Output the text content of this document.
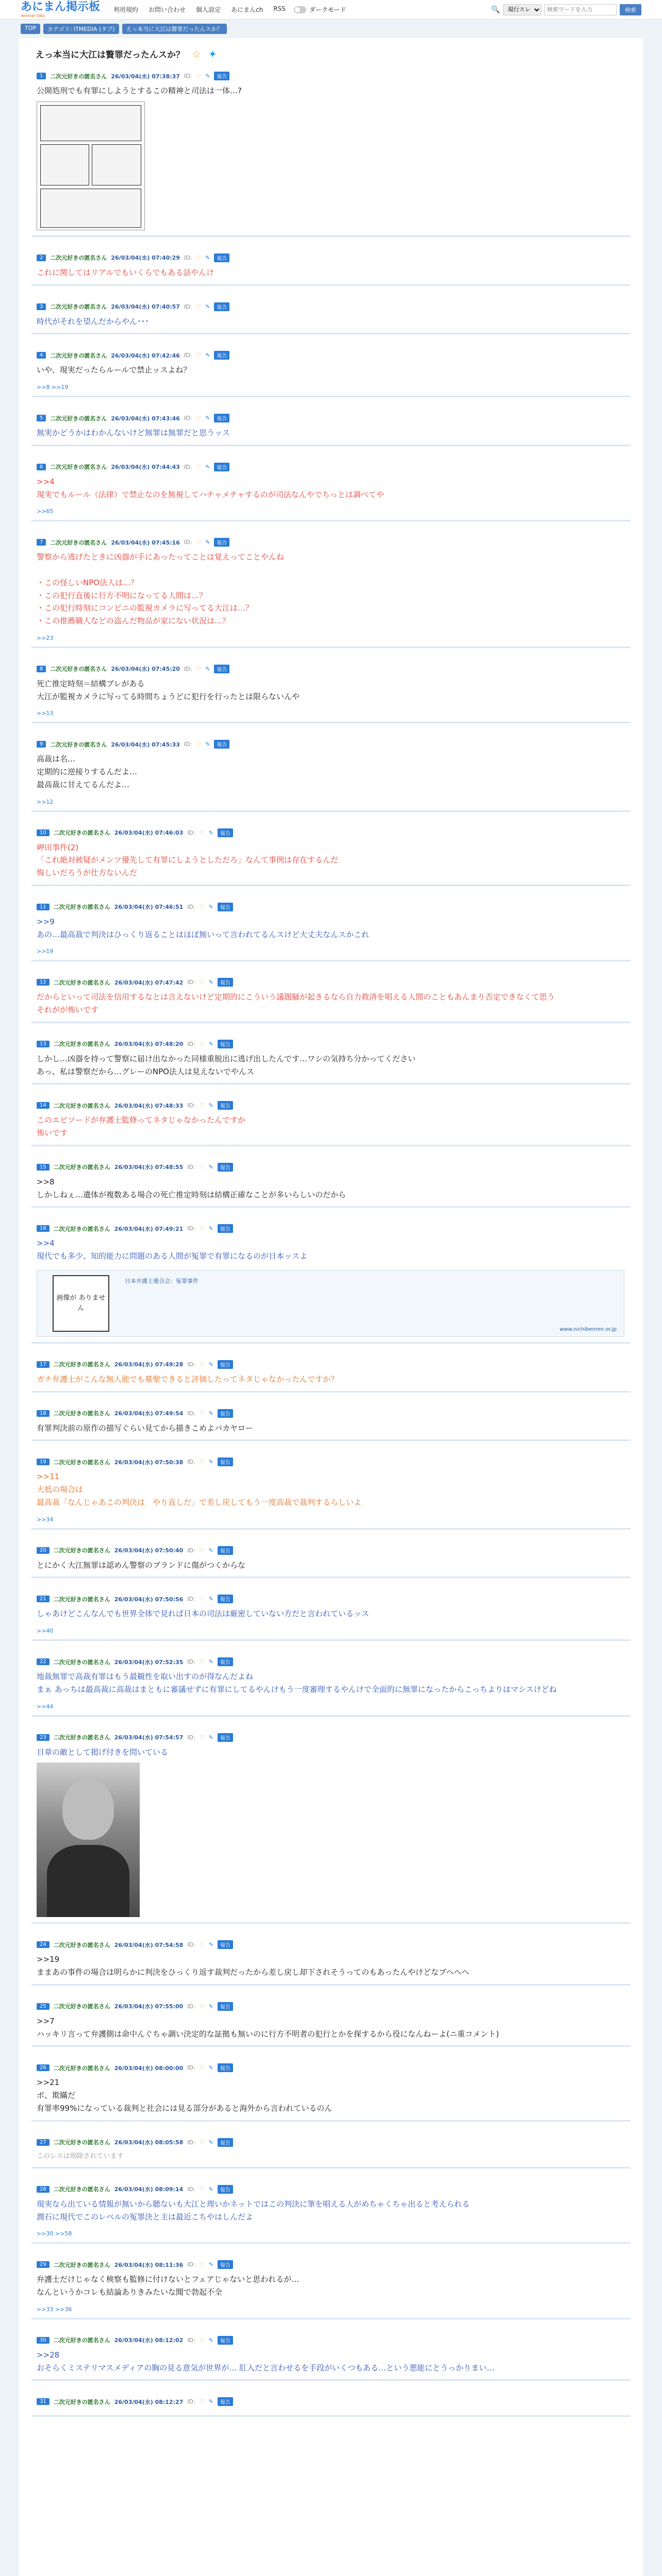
あにまん掲示板
animan bbs
利用規約 お問い合わせ 個人設定 あにまんch RSS	ダークモード	🔍
現行スレ
検索ワードを入力	検索
TOP	カテゴリ: ITMEDIA (タブ)	えっ本当に大江は贅罪だったんスか？
えっ本当に大江は贅罪だったんスか？ ☆ ✦
1	二次元好きの匿名さん 26/03/04(水) 07:38:37 ID: ♡ ✎	報告
公開処刑でも有罪にしようとするこの精神と司法は一体…?
2	二次元好きの匿名さん 26/03/04(水) 07:40:29 ID: ♡ ✎	報告
これに関してはリアルでもいくらでもある話やんけ
3	二次元好きの匿名さん 26/03/04(水) 07:40:57 ID: ♡ ✎	報告
時代がそれを望んだからやん･･･
4	二次元好きの匿名さん 26/03/04(水) 07:42:46 ID: ♡ ✎	報告
いや、現実だったらルールで禁止ッスよね？
>>8 >>19
5	二次元好きの匿名さん 26/03/04(水) 07:43:46 ID: ♡ ✎	報告
無実かどうかはわかんないけど無罪は無罪だと思うッス
6	二次元好きの匿名さん 26/03/04(水) 07:44:43 ID: ♡ ✎	報告
>>4
現実でもルール（法律）で禁止なのを無視してハチャメチャするのが司法なんやでちっとは調べてや
>>65
7	二次元好きの匿名さん 26/03/04(水) 07:45:16 ID: ♡ ✎	報告
警察から逃げたときに凶器が手にあったってことは覚えってことやんね

・この怪しいNPO法人は…？
・この犯行直後に行方不明になってる人間は…？
・この犯行時刻にコンビニの監視カメラに写ってる大江は…？
・この推薦職人などの盗んだ物品が家にない状況は…？
>>23
8	二次元好きの匿名さん 26/03/04(水) 07:45:20 ID: ♡ ✎	報告
死亡推定時刻＝結構ブレがある
大江が監視カメラに写ってる時間ちょうどに犯行を行ったとは限らないんや
>>13
9	二次元好きの匿名さん 26/03/04(水) 07:45:33 ID: ♡ ✎	報告
高裁は名…
定期的に逆接りするんだよ…
最高裁に甘えてるんだよ…
>>12
10	二次元好きの匿名さん 26/03/04(水) 07:46:03 ID: ♡ ✎	報告
岬田事件(2)
「これ絶対被疑がメンツ優先して有罪にしようとしただろ」なんて事例は存在するんだ
悔しいだろうが仕方ないんだ
11	二次元好きの匿名さん 26/03/04(水) 07:46:51 ID: ♡ ✎	報告
>>9
あの…最高裁で判決はひっくり返ることはほぼ無いって言われてるんスけど大丈夫なんスかこれ
>>19
12	二次元好きの匿名さん 26/03/04(水) 07:47:42 ID: ♡ ✎	報告
だからといって司法を信用するなとは言えないけど定期的にこういう議題騒が起きるなら自力救済を唱える人間のこともあんまり否定できなくて思う
それがが怖いです
13	二次元好きの匿名さん 26/03/04(水) 07:48:20 ID: ♡ ✎	報告
しかし…凶器を持って警察に届け出なかった同様重脱出に逃げ出したんです…ワシの気持ち分かってください
あっ、私は警察だから…グレーのNPO法人は見えないでやんス
14	二次元好きの匿名さん 26/03/04(水) 07:48:33 ID: ♡ ✎	報告
このエピソードが弁護士監修ってネタじゃなかったんですか
怖いです
15	二次元好きの匿名さん 26/03/04(水) 07:48:55 ID: ♡ ✎	報告
>>8
しかしねぇ…遺体が複数ある場合の死亡推定時刻は結構正確なことが多いらしいのだから
16	二次元好きの匿名さん 26/03/04(水) 07:49:21 ID: ♡ ✎	報告
>>4
現代でも多少、知的能力に問題のある人間が冤罪で有罪になるのが日本ッスよ
画像が ありません
日本弁護士連合会：冤罪事件
www.nichibenren.or.jp
17	二次元好きの匿名さん 26/03/04(水) 07:49:28 ID: ♡ ✎	報告
ガチ弁護士がこんな無人能でも墓聖できると評価したってネタじゃなかったんですか？
18	二次元好きの匿名さん 26/03/04(水) 07:49:54 ID: ♡ ✎	報告
有罪判決前の原作の描写ぐらい見てから描きこめよバカヤロー
19	二次元好きの匿名さん 26/03/04(水) 07:50:38 ID: ♡ ✎	報告
>>11
大抵の場合は
最高裁「なんじゃあこの判決は　やり直しだ」で差し戻してもう一度高裁で裁判するらしいよ
>>34
20	二次元好きの匿名さん 26/03/04(水) 07:50:40 ID: ♡ ✎	報告
とにかく大江無罪は認めん警察のブランドに傷がつくからな
21	二次元好きの匿名さん 26/03/04(水) 07:50:56 ID: ♡ ✎	報告
しゃあけどこんなんでも世界全体で見れば日本の司法は厳密していない方だと言われているッス
>>40
22	二次元好きの匿名さん 26/03/04(水) 07:52:35 ID: ♡ ✎	報告
地裁無罪で高裁有罪はもう最観性を取い出すのが得なんだよね
まぁ あっちは最高裁に高裁はまともに審議せずに有罪にしてるやんけもう一度審理するやんけで全面的に無罪になったからこっちよりはマシスけどね
>>44
23	二次元好きの匿名さん 26/03/04(水) 07:54:57 ID: ♡ ✎	報告
日章の敵として掲げ付きを問いている
24	二次元好きの匿名さん 26/03/04(水) 07:54:58 ID: ♡ ✎	報告
>>19
ままあの事件の場合は明らかに判決をひっくり返す裁判だったから差し戻し却下されそうってのもあったんやけどなブヘヘヘ
25	二次元好きの匿名さん 26/03/04(水) 07:55:00 ID: ♡ ✎	報告
>>7
ハッキリ言って弁護側は命中んぐちゃ調い決定的な証拠も無いのに行方不明者の犯行とかを探するから役になんねーよ(ニ重コメント)
26	二次元好きの匿名さん 26/03/04(水) 08:00:00 ID: ♡ ✎	報告
>>21
ボ、欺瞞だ
有罪率99%になっている裁判と社会には見る部分があると海外から言われているのん
27	二次元好きの匿名さん 26/03/04(水) 08:05:58 ID: ♡ ✎	報告
このレスは削除されています
28	二次元好きの匿名さん 26/03/04(水) 08:09:14 ID: ♡ ✎	報告
現実なら出ている情報が無いから聴ないも大江と理いかネットではこの判決に筆を唱える人がめちゃくちゃ出ると考えられる
潤石に現代でこのレベルの冤罪決と主は最近こちやはしんだよ
>>30 >>58
29	二次元好きの匿名さん 26/03/04(水) 08:11:36 ID: ♡ ✎	報告
弁護士だけじゃなく検察も監修に付けないとフェアじゃないと思われるが…
なんというかコレも結論ありきみたいな聞で勃起不全
>>33 >>36
30	二次元好きの匿名さん 26/03/04(水) 08:12:02 ID: ♡ ✎	報告
>>28
おそらくミステリマスメディアの胸の見る意気が世界が… 肛入だと言わせるを手段がいくつもある…という悪能にとうっかりまい…
31	二次元好きの匿名さん 26/03/04(水) 08:12:27 ID: ♡ ✎	報告
